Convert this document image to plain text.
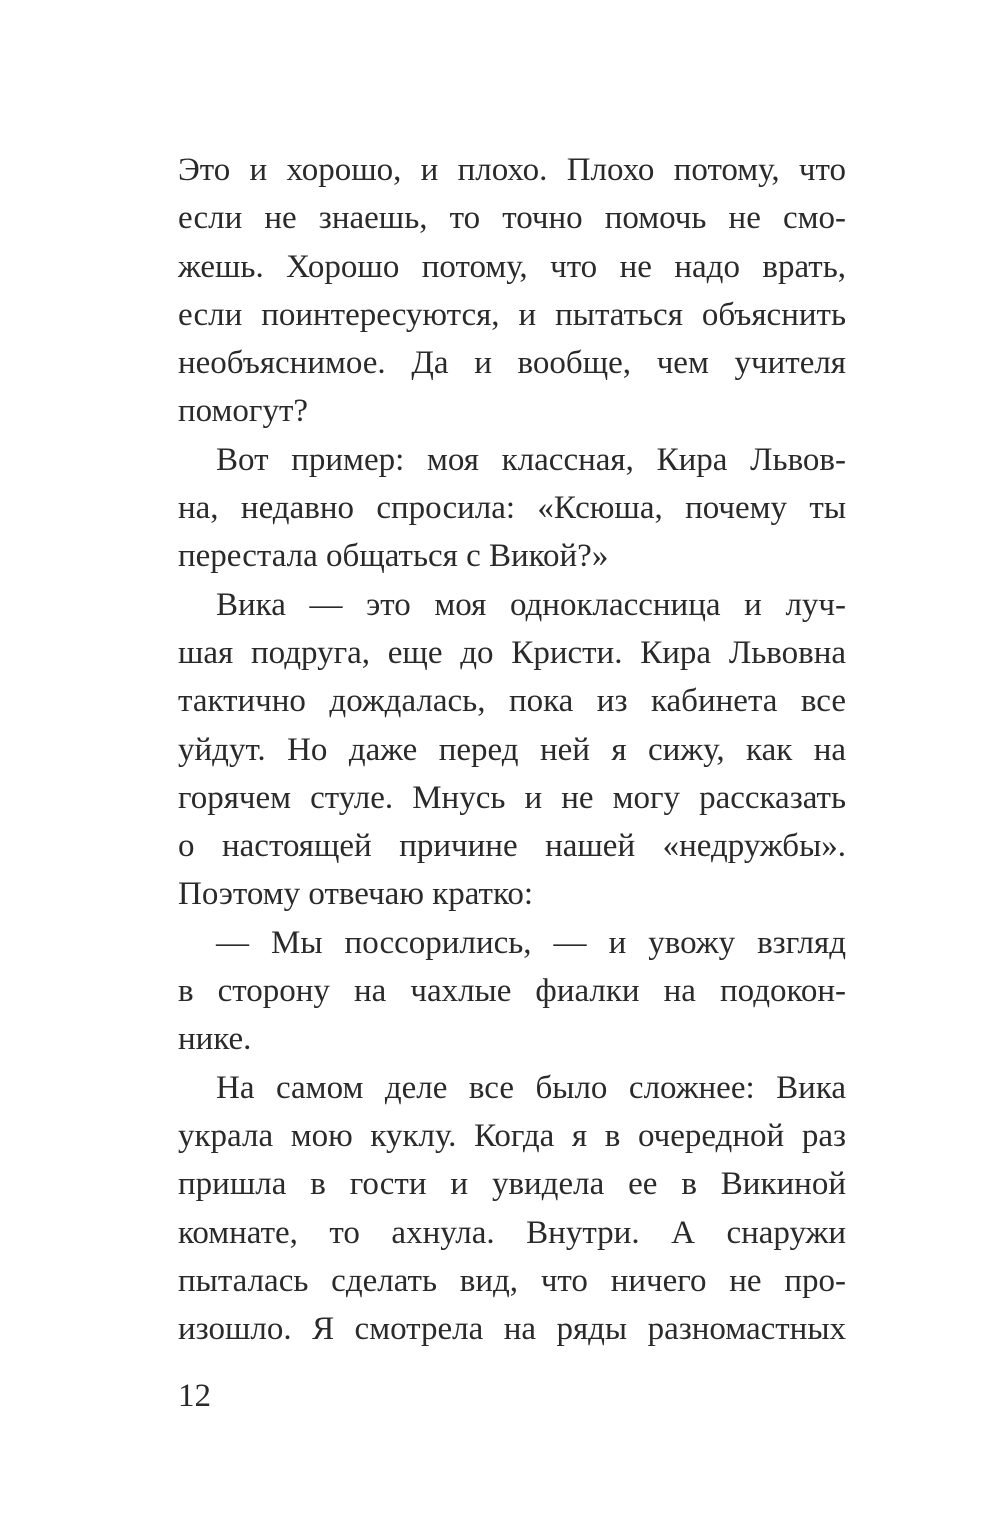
Это и хорошо, и плохо. Плохо потому, что
если не знаешь, то точно помочь не смо-
жешь. Хорошо потому, что не надо врать,
если поинтересуются, и пытаться объяснить
необъяснимое. Да и вообще, чем учителя
помогут?
Вот пример: моя классная, Кира Львов-
на, недавно спросила: «Ксюша, почему ты
перестала общаться с Викой?»
Вика — это моя одноклассница и луч-
шая подруга, еще до Кристи. Кира Львовна
тактично дождалась, пока из кабинета все
уйдут. Но даже перед ней я сижу, как на
горячем стуле. Мнусь и не могу рассказать
о настоящей причине нашей «недружбы».
Поэтому отвечаю кратко:
— Мы поссорились, — и увожу взгляд
в сторону на чахлые фиалки на подокон-
нике.
На самом деле все было сложнее: Вика
украла мою куклу. Когда я в очередной раз
пришла в гости и увидела ее в Викиной
комнате, то ахнула. Внутри. А снаружи
пыталась сделать вид, что ничего не про-
изошло. Я смотрела на ряды разномастных
12
